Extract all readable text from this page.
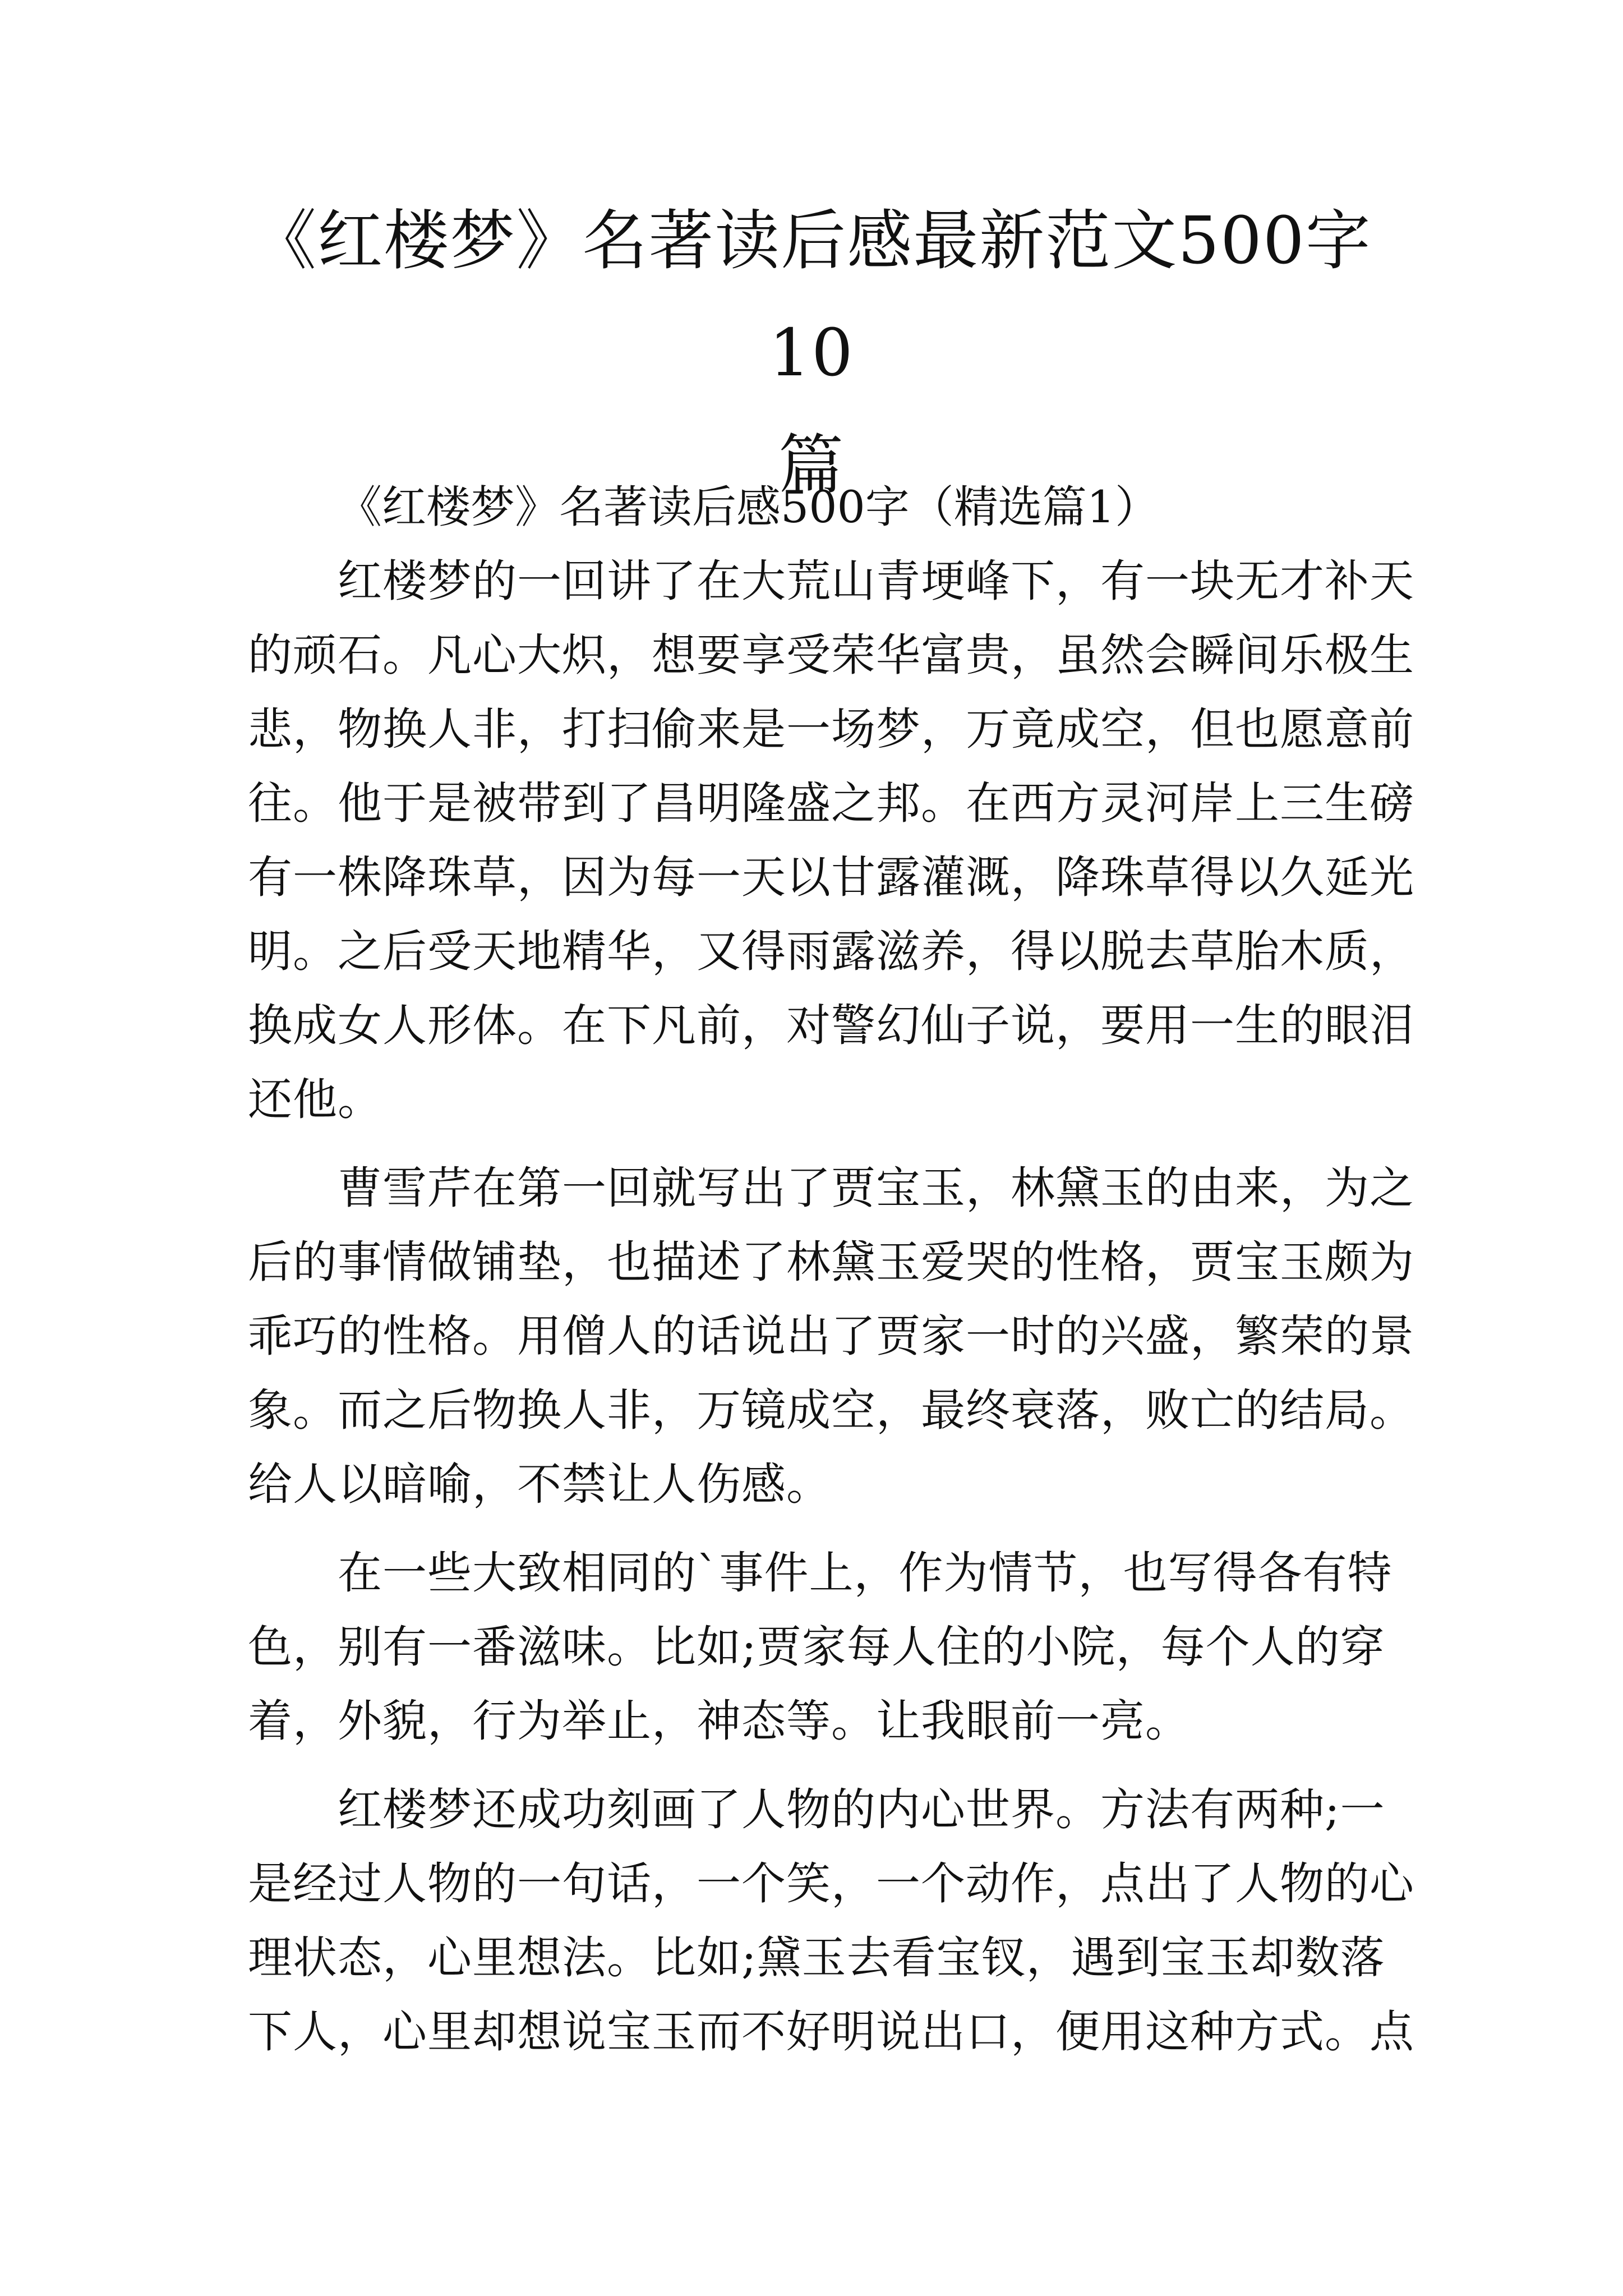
《红楼梦》名著读后感最新范文500字10
篇

《红楼梦》名著读后感500字（精选篇1）

红楼梦的一回讲了在大荒山青埂峰下，有一块无才补天
的顽石。凡心大炽，想要享受荣华富贵，虽然会瞬间乐极生
悲，物换人非，打扫偷来是一场梦，万竟成空，但也愿意前
往。他于是被带到了昌明隆盛之邦。在西方灵河岸上三生磅
有一株降珠草，因为每一天以甘露灌溉，降珠草得以久延光
明。之后受天地精华，又得雨露滋养，得以脱去草胎木质，
换成女人形体。在下凡前，对警幻仙子说，要用一生的眼泪
还他。

曹雪芹在第一回就写出了贾宝玉，林黛玉的由来，为之
后的事情做铺垫，也描述了林黛玉爱哭的性格，贾宝玉颇为
乖巧的性格。用僧人的话说出了贾家一时的兴盛，繁荣的景
象。而之后物换人非，万镜成空，最终衰落，败亡的结局。
给人以暗喻，不禁让人伤感。

在一些大致相同的`事件上，作为情节，也写得各有特
色，别有一番滋味。比如;贾家每人住的小院，每个人的穿
着，外貌，行为举止，神态等。让我眼前一亮。

红楼梦还成功刻画了人物的内心世界。方法有两种;一
是经过人物的一句话，一个笑，一个动作，点出了人物的心
理状态，心里想法。比如;黛玉去看宝钗，遇到宝玉却数落
下人，心里却想说宝玉而不好明说出口，便用这种方式。点
